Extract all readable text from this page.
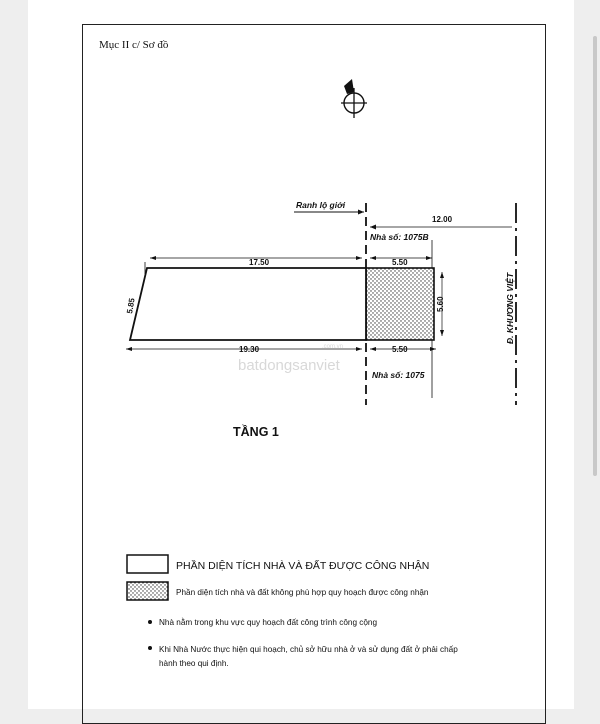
Mục II c/ Sơ đồ
Ranh lộ giới
12.00
Nhà số: 1075B
Nhà số: 1075
Đ. KHƯƠNG VIỆT
17.50	5.50
5.85	5.60
19.30	5.50
.com.vn
batdongsanviet
TẦNG 1
PHẦN DIỆN TÍCH NHÀ VÀ ĐẤT ĐƯỢC CÔNG NHẬN
Phần diện tích nhà và đất không phù hợp quy hoạch được công nhận
Nhà nằm trong khu vực quy hoạch đất công trình công cộng
Khi Nhà Nước thực hiện qui hoạch, chủ sở hữu nhà ở và sử dụng đất ở phải chấp
hành theo qui định.
